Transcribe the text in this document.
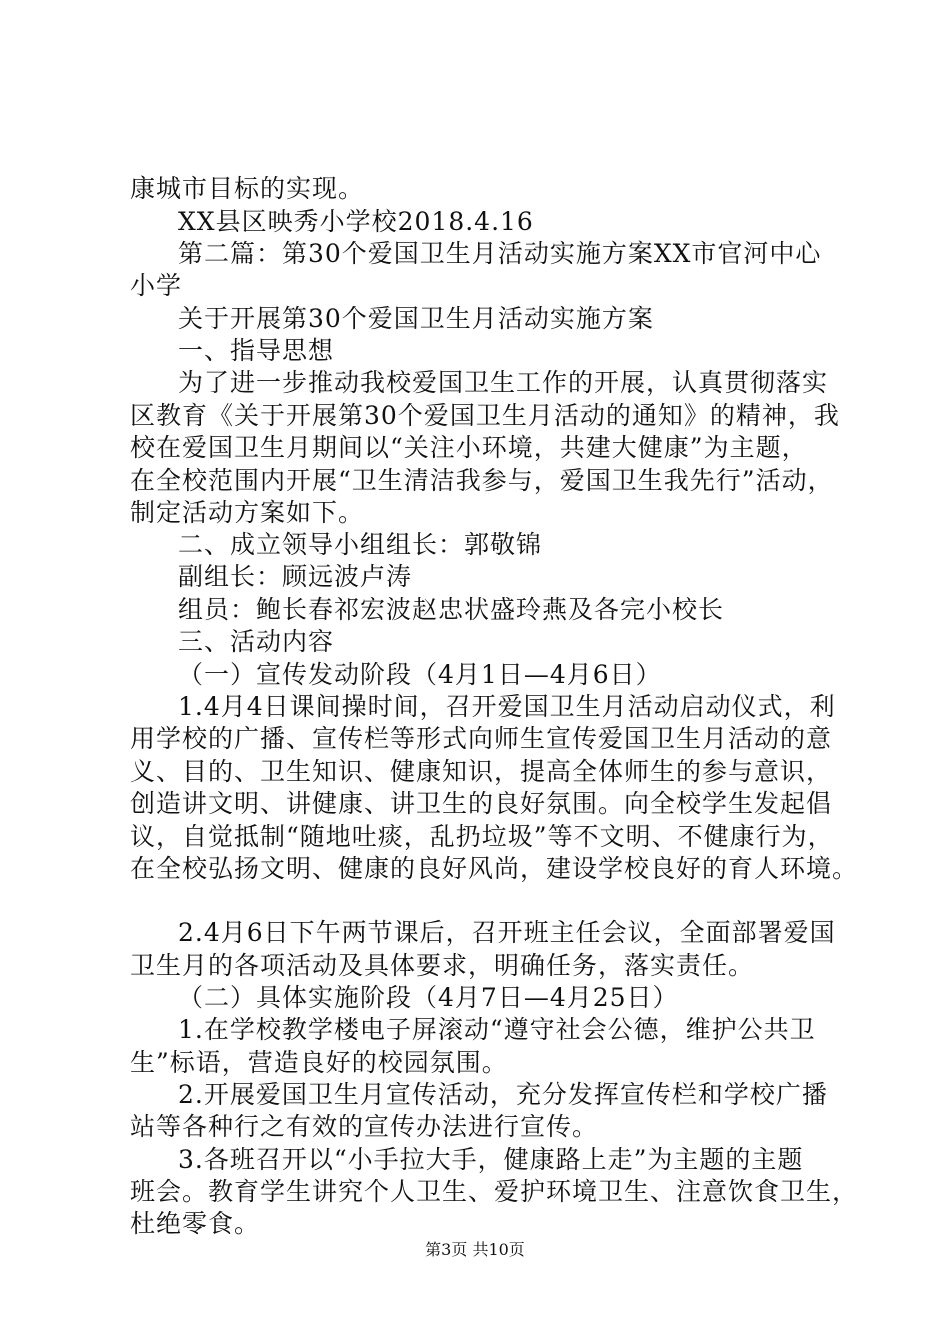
康城市目标的实现。
XX县区映秀小学校2018.4.16
第二篇：第30个爱国卫生月活动实施方案XX市官河中心
小学
关于开展第30个爱国卫生月活动实施方案
一、指导思想
为了进一步推动我校爱国卫生工作的开展，认真贯彻落实
区教育《关于开展第30个爱国卫生月活动的通知》的精神，我
校在爱国卫生月期间以“关注小环境，共建大健康”为主题，
在全校范围内开展“卫生清洁我参与，爱国卫生我先行”活动，
制定活动方案如下。
二、成立领导小组组长：郭敬锦
副组长：顾远波卢涛
组员：鲍长春祁宏波赵忠状盛玲燕及各完小校长
三、活动内容
（一）宣传发动阶段（4月1日—4月6日）
1.4月4日课间操时间，召开爱国卫生月活动启动仪式，利
用学校的广播、宣传栏等形式向师生宣传爱国卫生月活动的意
义、目的、卫生知识、健康知识，提高全体师生的参与意识，
创造讲文明、讲健康、讲卫生的良好氛围。向全校学生发起倡
议，自觉抵制“随地吐痰，乱扔垃圾”等不文明、不健康行为，
在全校弘扬文明、健康的良好风尚，建设学校良好的育人环境。
2.4月6日下午两节课后，召开班主任会议，全面部署爱国
卫生月的各项活动及具体要求，明确任务，落实责任。
（二）具体实施阶段（4月7日—4月25日）
1.在学校教学楼电子屏滚动“遵守社会公德，维护公共卫
生”标语，营造良好的校园氛围。
2.开展爱国卫生月宣传活动，充分发挥宣传栏和学校广播
站等各种行之有效的宣传办法进行宣传。
3.各班召开以“小手拉大手，健康路上走”为主题的主题
班会。教育学生讲究个人卫生、爱护环境卫生、注意饮食卫生，
杜绝零食。
第3页 共10页
